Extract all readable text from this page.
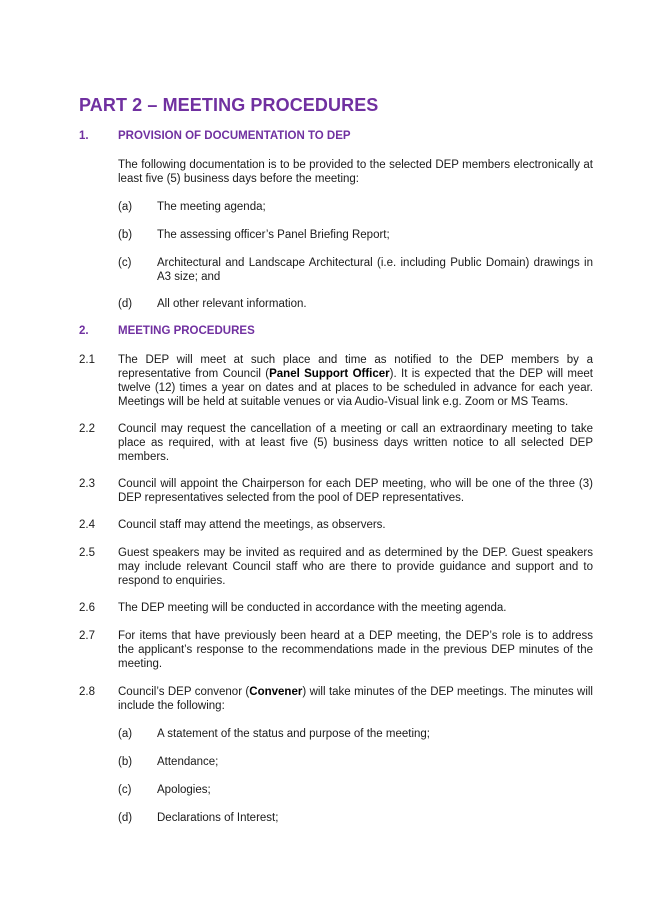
PART 2 – MEETING PROCEDURES
1.	PROVISION OF DOCUMENTATION TO DEP

The following documentation is to be provided to the selected DEP members electronically at least five (5) business days before the meeting:

(a) The meeting agenda;
(b) The assessing officer’s Panel Briefing Report;
(c) Architectural and Landscape Architectural (i.e. including Public Domain) drawings in A3 size; and
(d) All other relevant information.
2.	MEETING PROCEDURES
2.1 The DEP will meet at such place and time as notified to the DEP members by a representative from Council (Panel Support Officer). It is expected that the DEP will meet twelve (12) times a year on dates and at places to be scheduled in advance for each year. Meetings will be held at suitable venues or via Audio-Visual link e.g. Zoom or MS Teams.
2.2 Council may request the cancellation of a meeting or call an extraordinary meeting to take place as required, with at least five (5) business days written notice to all selected DEP members.
2.3 Council will appoint the Chairperson for each DEP meeting, who will be one of the three (3) DEP representatives selected from the pool of DEP representatives.
2.4 Council staff may attend the meetings, as observers.
2.5 Guest speakers may be invited as required and as determined by the DEP. Guest speakers may include relevant Council staff who are there to provide guidance and support and to respond to enquiries.
2.6 The DEP meeting will be conducted in accordance with the meeting agenda.
2.7 For items that have previously been heard at a DEP meeting, the DEP’s role is to address the applicant’s response to the recommendations made in the previous DEP minutes of the meeting.
2.8 Council’s DEP convenor (Convener) will take minutes of the DEP meetings. The minutes will include the following:
(a) A statement of the status and purpose of the meeting;
(b) Attendance;
(c) Apologies;
(d) Declarations of Interest;
